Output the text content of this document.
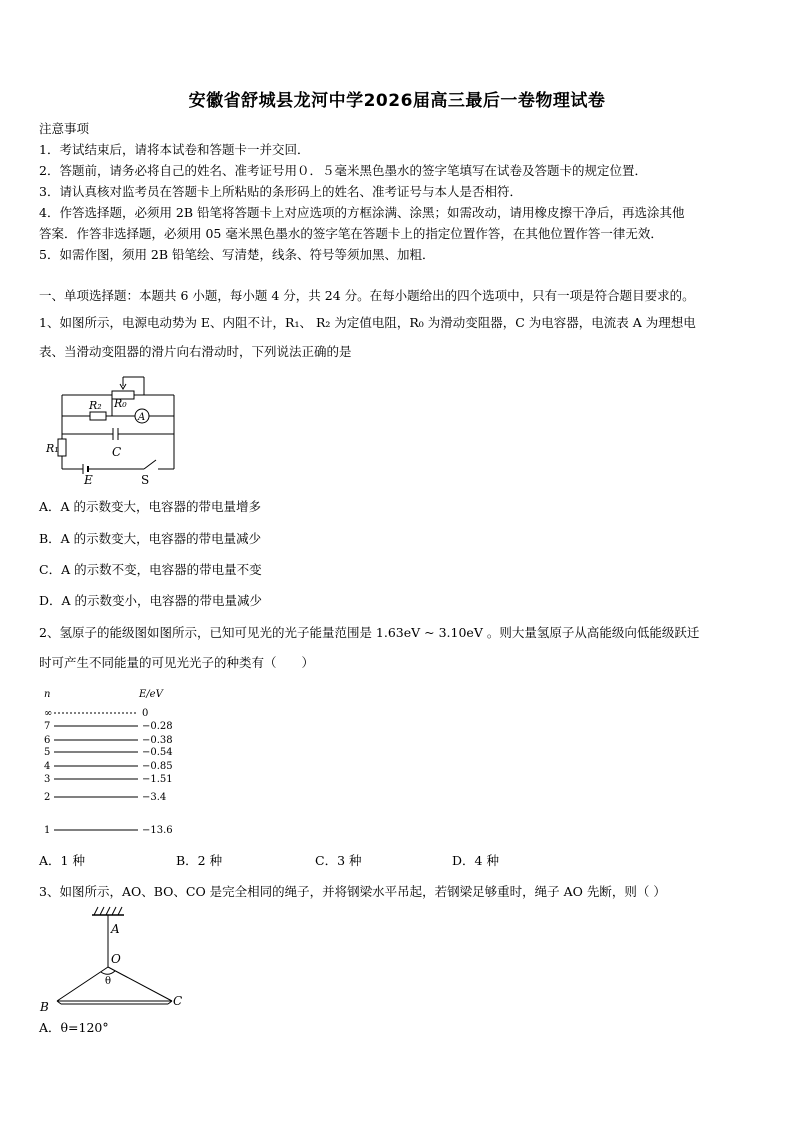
安徽省舒城县龙河中学2026届高三最后一卷物理试卷
注意事项
1．考试结束后，请将本试卷和答题卡一并交回．
2．答题前，请务必将自己的姓名、准考证号用０．５毫米黑色墨水的签字笔填写在试卷及答题卡的规定位置．
3．请认真核对监考员在答题卡上所粘贴的条形码上的姓名、准考证号与本人是否相符．
4．作答选择题，必须用 2B 铅笔将答题卡上对应选项的方框涂满、涂黑；如需改动，请用橡皮擦干净后，再选涂其他
答案．作答非选择题，必须用 05 毫米黑色墨水的签字笔在答题卡上的指定位置作答，在其他位置作答一律无效．
5．如需作图，须用 2B 铅笔绘、写清楚，线条、符号等须加黑、加粗．
一、单项选择题：本题共 6 小题，每小题 4 分，共 24 分。在每小题给出的四个选项中，只有一项是符合题目要求的。
1、如图所示，电源电动势为 E、内阻不计，R₁、 R₂ 为定值电阻，R₀ 为滑动变阻器，C 为电容器，电流表 A 为理想电
表、当滑动变阻器的滑片向右滑动时，下列说法正确的是
R₂ R₀
A
R₁	C
E	S
A．A 的示数变大，电容器的带电量增多
B．A 的示数变大，电容器的带电量减少
C．A 的示数不变，电容器的带电量不变
D．A 的示数变小，电容器的带电量减少
2、氢原子的能级图如图所示，已知可见光的光子能量范围是 1.63eV ~ 3.10eV 。则大量氢原子从高能级向低能级跃迁
时可产生不同能量的可见光光子的种类有（　　）
n	E/eV
∞	0
7	−0.28
6	−0.38
5	−0.54
4	−0.85
3	−1.51
2	−3.4
1	−13.6
A．1 种	B．2 种	C．3 种	D．4 种
3、如图所示，AO、BO、CO 是完全相同的绳子，并将钢梁水平吊起，若钢梁足够重时，绳子 AO 先断，则（ ）
A
O
θ
B	C
A．θ=120°
